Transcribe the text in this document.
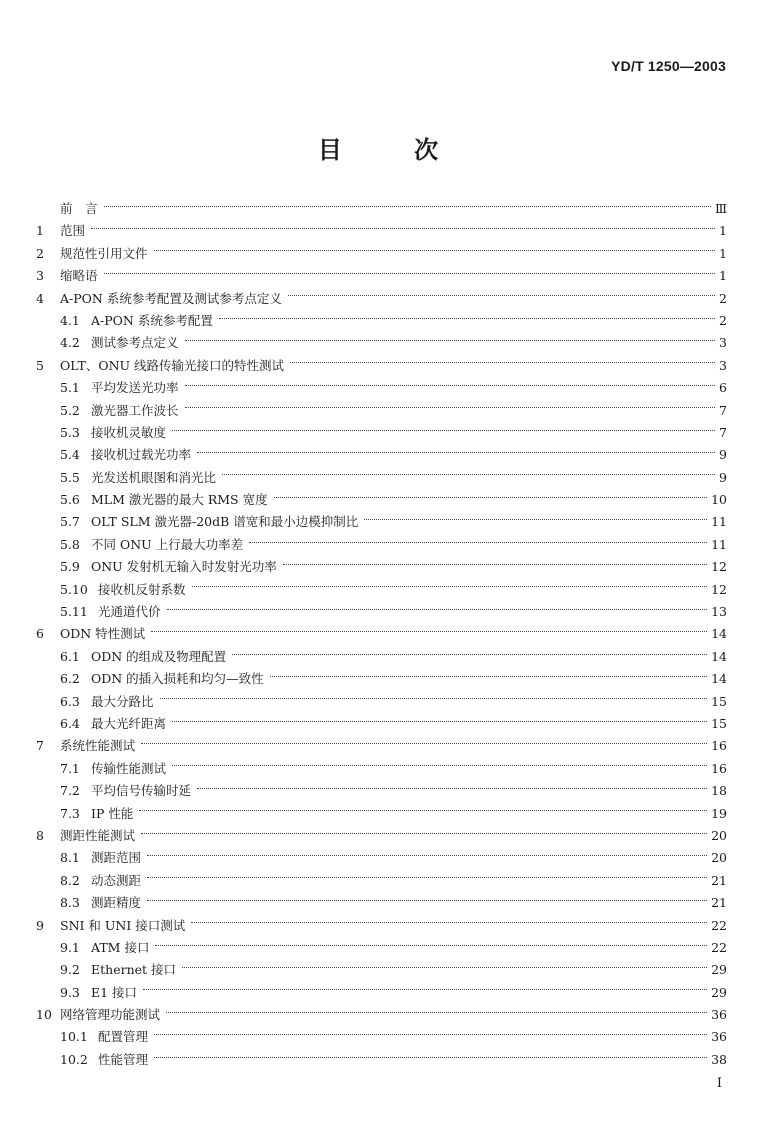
YD/T 1250—2003
目 次
前　言	Ⅲ
1	范围	1
2	规范性引用文件	1
3	缩略语	1
4	A-PON 系统参考配置及测试参考点定义	2
4.1 A-PON 系统参考配置	2
4.2 测试参考点定义	3
5	OLT、ONU 线路传输光接口的特性测试	3
5.1 平均发送光功率	6
5.2 激光器工作波长	7
5.3 接收机灵敏度	7
5.4 接收机过载光功率	9
5.5 光发送机眼图和消光比	9
5.6 MLM 激光器的最大 RMS 宽度	10
5.7 OLT SLM 激光器-20dB 谱宽和最小边模抑制比	11
5.8 不同 ONU 上行最大功率差	11
5.9 ONU 发射机无输入时发射光功率	12
5.10 接收机反射系数	12
5.11 光通道代价	13
6	ODN 特性测试	14
6.1 ODN 的组成及物理配置	14
6.2 ODN 的插入损耗和均匀—致性	14
6.3 最大分路比	15
6.4 最大光纤距离	15
7	系统性能测试	16
7.1 传输性能测试	16
7.2 平均信号传输时延	18
7.3 IP 性能	19
8	测距性能测试	20
8.1 测距范围	20
8.2 动态测距	21
8.3 测距精度	21
9	SNI 和 UNI 接口测试	22
9.1 ATM 接口	22
9.2 Ethernet 接口	29
9.3 E1 接口	29
10 网络管理功能测试	36
10.1 配置管理	36
10.2 性能管理	38
I
